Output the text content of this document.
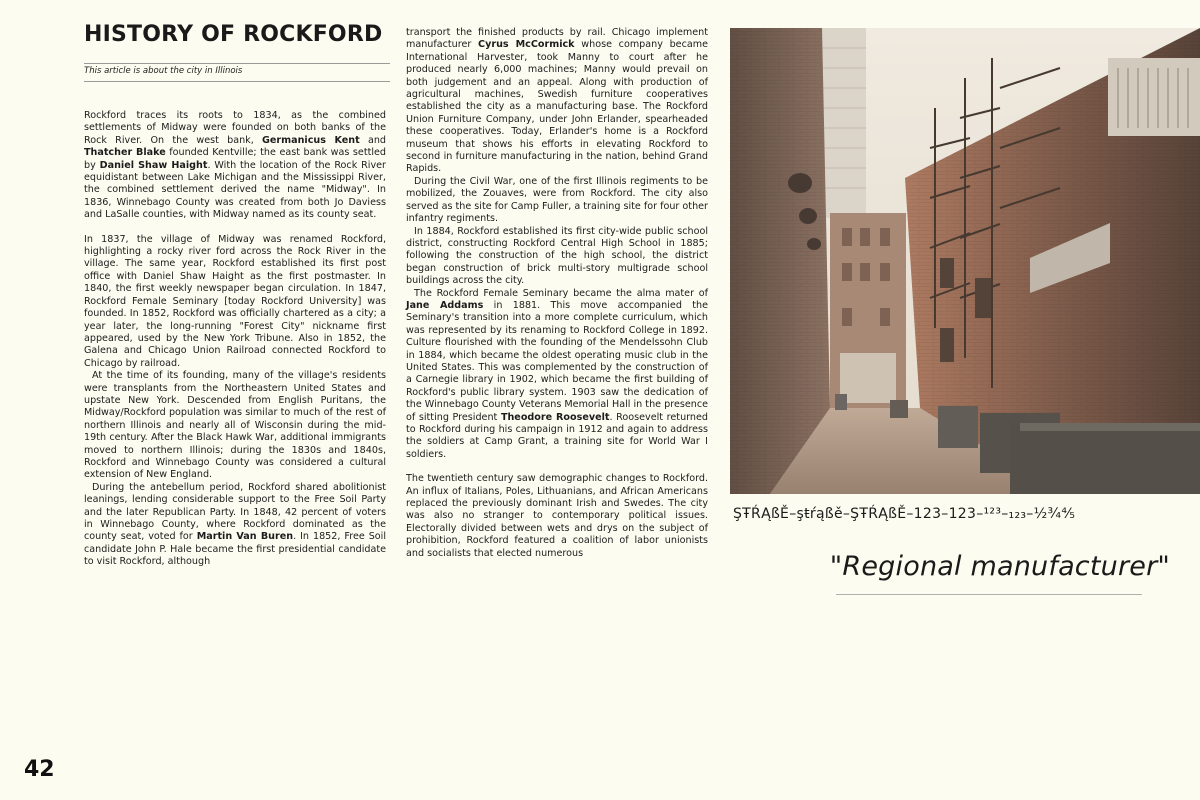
HISTORY OF ROCKFORD
This article is about the city in Illinois

Rockford traces its roots to 1834, as the combined settlements of Midway were founded on both banks of the Rock River. On the west bank, Germanicus Kent and Thatcher Blake founded Kentville; the east bank was settled by Daniel Shaw Haight. With the location of the Rock River equidistant between Lake Michigan and the Mississippi River, the combined settlement derived the name "Midway". In 1836, Winnebago County was created from both Jo Daviess and LaSalle counties, with Midway named as its county seat.

In 1837, the village of Midway was renamed Rockford, highlighting a rocky river ford across the Rock River in the village. The same year, Rockford established its first post office with Daniel Shaw Haight as the first postmaster. In 1840, the first weekly newspaper began circulation. In 1847, Rockford Female Seminary [today Rockford University] was founded. In 1852, Rockford was officially chartered as a city; a year later, the long-running "Forest City" nickname first appeared, used by the New York Tribune. Also in 1852, the Galena and Chicago Union Railroad connected Rockford to Chicago by railroad.

At the time of its founding, many of the village's residents were transplants from the Northeastern United States and upstate New York. Descended from English Puritans, the Midway/Rockford population was similar to much of the rest of northern Illinois and nearly all of Wisconsin during the mid-19th century. After the Black Hawk War, additional immigrants moved to northern Illinois; during the 1830s and 1840s, Rockford and Winnebago County was considered a cultural extension of New England.

During the antebellum period, Rockford shared abolitionist leanings, lending considerable support to the Free Soil Party and the later Republican Party. In 1848, 42 percent of voters in Winnebago County, where Rockford dominated as the county seat, voted for Martin Van Buren. In 1852, Free Soil candidate John P. Hale became the first presidential candidate to visit Rockford, although

transport the finished products by rail. Chicago implement manufacturer Cyrus McCormick whose company became International Harvester, took Manny to court after he produced nearly 6,000 machines; Manny would prevail on both judgement and an appeal. Along with production of agricultural machines, Swedish furniture cooperatives established the city as a manufacturing base. The Rockford Union Furniture Company, under John Erlander, spearheaded these cooperatives. Today, Erlander's home is a Rockford museum that shows his efforts in elevating Rockford to second in furniture manufacturing in the nation, behind Grand Rapids.

During the Civil War, one of the first Illinois regiments to be mobilized, the Zouaves, were from Rockford. The city also served as the site for Camp Fuller, a training site for four other infantry regiments.

In 1884, Rockford established its first city-wide public school district, constructing Rockford Central High School in 1885; following the construction of the high school, the district began construction of brick multi-story multigrade school buildings across the city.

The Rockford Female Seminary became the alma mater of Jane Addams in 1881. This move accompanied the Seminary's transition into a more complete curriculum, which was represented by its renaming to Rockford College in 1892. Culture flourished with the founding of the Mendelssohn Club in 1884, which became the oldest operating music club in the United States. This was complemented by the construction of a Carnegie library in 1902, which became the first building of Rockford's public library system. 1903 saw the dedication of the Winnebago County Veterans Memorial Hall in the presence of sitting President Theodore Roosevelt. Roosevelt returned to Rockford during his campaign in 1912 and again to address the soldiers at Camp Grant, a training site for World War I soldiers.

The twentieth century saw demographic changes to Rockford. An influx of Italians, Poles, Lithuanians, and African Americans replaced the previously dominant Irish and Swedes. The city was also no stranger to contemporary political issues. Electorally divided between wets and drys on the subject of prohibition, Rockford featured a coalition of labor unionists and socialists that elected numerous

ŞŦŔĄßĚ–şŧŕąßě–ŞŦŔĄßĚ–123–123–¹²³–₁₂₃–½¾⅘
"Regional manufacturer"
42
